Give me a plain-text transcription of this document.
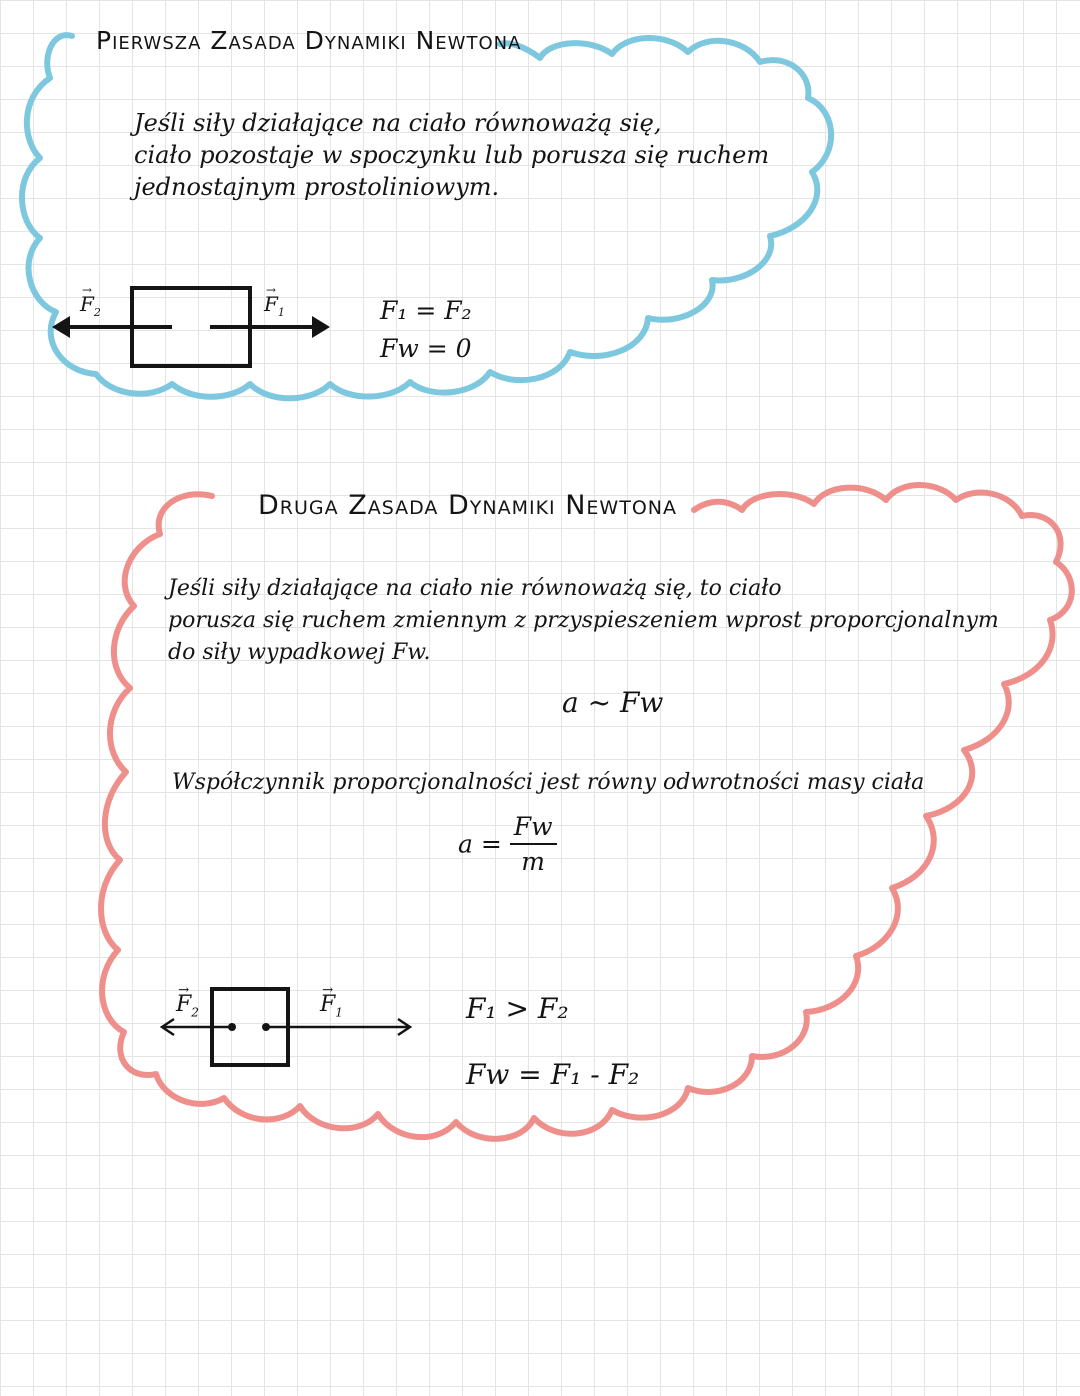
Pierwsza Zasada Dynamiki Newtona
Jeśli siły działające na ciało równoważą się,
ciało pozostaje w spoczynku lub porusza się ruchem
jednostajnym prostoliniowym.
→ $F_2$	→ $F_1$	F₁ = F₂
Fw = 0
Druga Zasada Dynamiki Newtona
Jeśli siły działające na ciało nie równoważą się, to ciało
porusza się ruchem zmiennym z przyspieszeniem wprost proporcjonalnym
do siły wypadkowej Fw.
a ~ Fw
Współczynnik proporcjonalności jest równy odwrotności masy ciała
$a = \frac{Fw}{m}$
→ $F_2$	→ $F_1$	F₁ > F₂
Fw = F₁ - F₂
